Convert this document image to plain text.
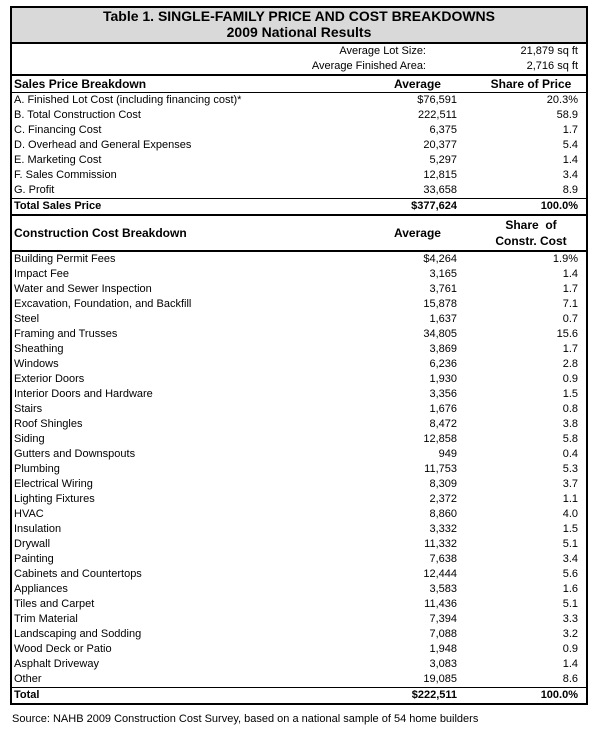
Table 1. SINGLE-FAMILY PRICE AND COST BREAKDOWNS
2009 National Results
Average Lot Size:	21,879 sq ft
Average Finished Area:	2,716 sq ft
Sales Price Breakdown	Average	Share of Price
A. Finished Lot Cost (including financing cost)*	$76,591	20.3%
B. Total Construction Cost	222,511	58.9
C. Financing Cost	6,375	1.7
D. Overhead and General Expenses	20,377	5.4
E. Marketing Cost	5,297	1.4
F. Sales Commission	12,815	3.4
G. Profit	33,658	8.9
Total Sales Price	$377,624	100.0%
Construction Cost Breakdown	Average
Share  of
Constr. Cost
Building Permit Fees	$4,264	1.9%
Impact Fee	3,165	1.4
Water and Sewer Inspection	3,761	1.7
Excavation, Foundation, and Backfill	15,878	7.1
Steel	1,637	0.7
Framing and Trusses	34,805	15.6
Sheathing	3,869	1.7
Windows	6,236	2.8
Exterior Doors	1,930	0.9
Interior Doors and Hardware	3,356	1.5
Stairs	1,676	0.8
Roof Shingles	8,472	3.8
Siding	12,858	5.8
Gutters and Downspouts	949	0.4
Plumbing	11,753	5.3
Electrical Wiring	8,309	3.7
Lighting Fixtures	2,372	1.1
HVAC	8,860	4.0
Insulation	3,332	1.5
Drywall	11,332	5.1
Painting	7,638	3.4
Cabinets and Countertops	12,444	5.6
Appliances	3,583	1.6
Tiles and Carpet	11,436	5.1
Trim Material	7,394	3.3
Landscaping and Sodding	7,088	3.2
Wood Deck or Patio	1,948	0.9
Asphalt Driveway	3,083	1.4
Other	19,085	8.6
Total	$222,511	100.0%
Source: NAHB 2009 Construction Cost Survey, based on a national sample of 54 home builders
